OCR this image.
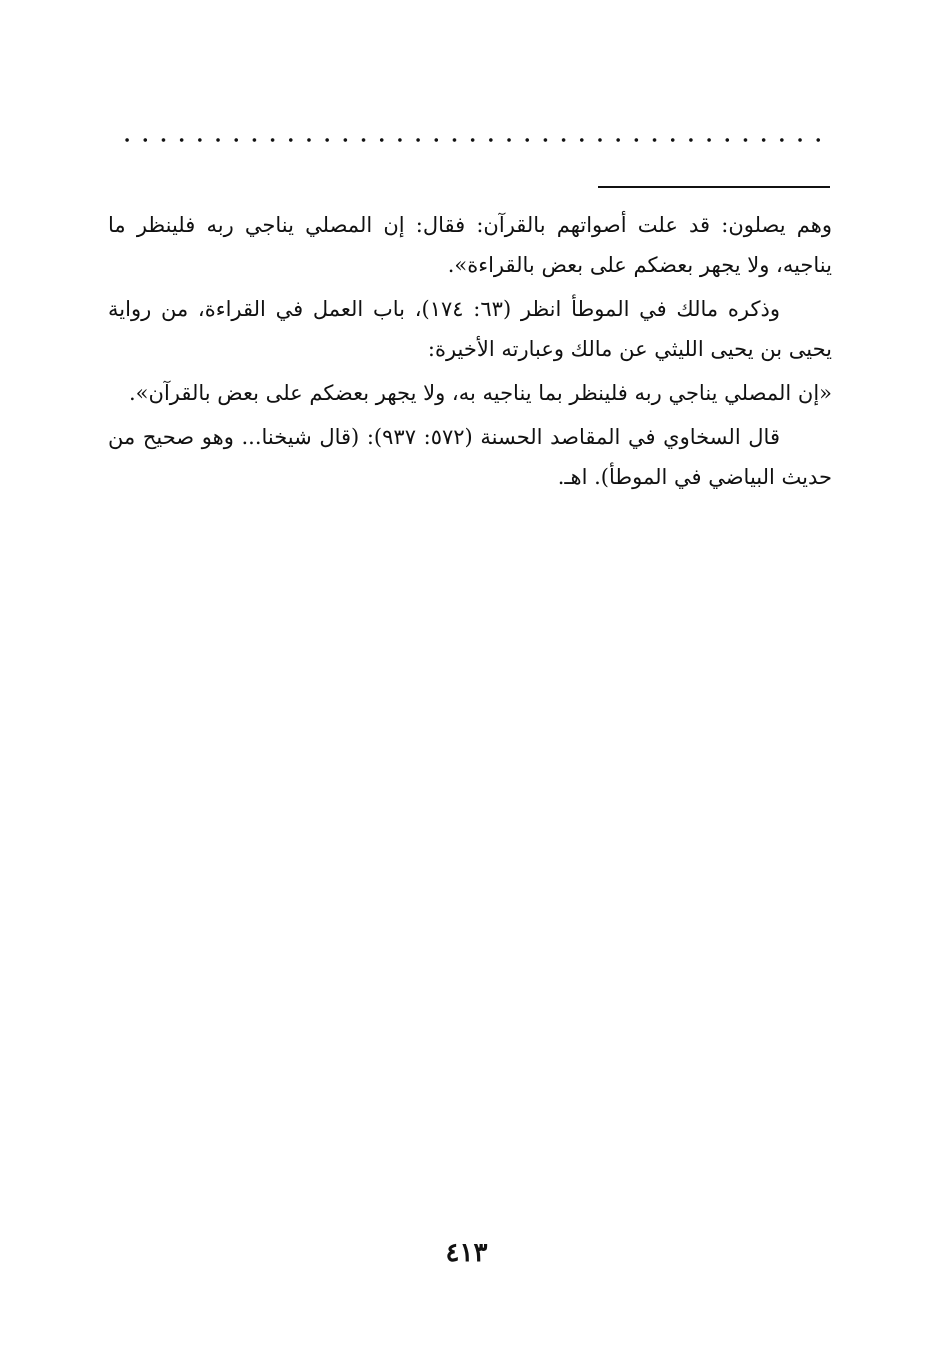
وهم يصلون: قد علت أصواتهم بالقرآن: فقال: إن المصلي يناجي ربه فلينظر ما يناجيه، ولا يجهر بعضكم على بعض بالقراءة».

وذكره مالك في الموطأ انظر (٦٣: ١٧٤)، باب العمل في القراءة، من رواية يحيى بن يحيى الليثي عن مالك وعبارته الأخيرة:

«إن المصلي يناجي ربه فلينظر بما يناجيه به، ولا يجهر بعضكم على بعض بالقرآن».

قال السخاوي في المقاصد الحسنة (٥٧٢: ٩٣٧): (قال شيخنا... وهو صحيح من حديث البياضي في الموطأ). اهـ.

٤١٣
